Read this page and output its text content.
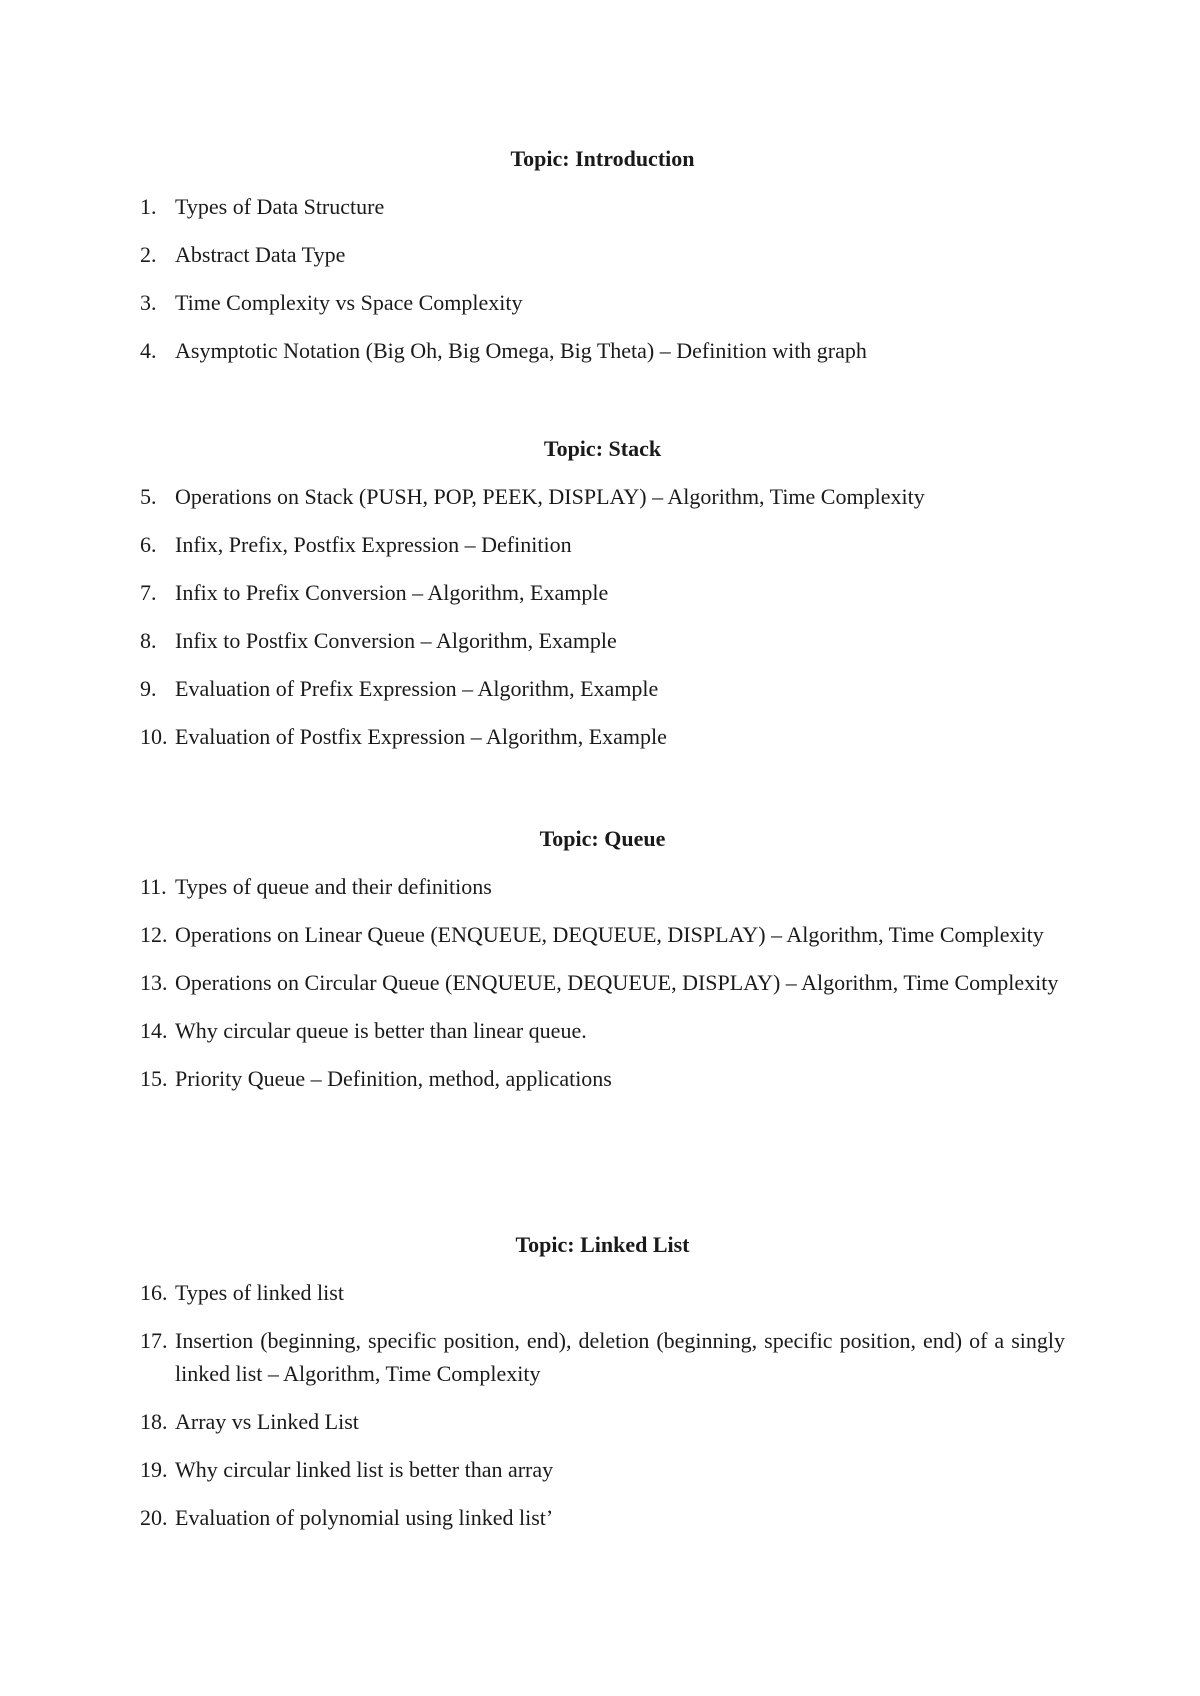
Topic: Introduction
1. Types of Data Structure
2. Abstract Data Type
3. Time Complexity vs Space Complexity
4. Asymptotic Notation (Big Oh, Big Omega, Big Theta) – Definition with graph
Topic: Stack
5. Operations on Stack (PUSH, POP, PEEK, DISPLAY) – Algorithm, Time Complexity
6. Infix, Prefix, Postfix Expression – Definition
7. Infix to Prefix Conversion – Algorithm, Example
8. Infix to Postfix Conversion – Algorithm, Example
9. Evaluation of Prefix Expression – Algorithm, Example
10. Evaluation of Postfix Expression – Algorithm, Example
Topic: Queue
11. Types of queue and their definitions
12. Operations on Linear Queue (ENQUEUE, DEQUEUE, DISPLAY) – Algorithm, Time Complexity
13. Operations on Circular Queue (ENQUEUE, DEQUEUE, DISPLAY) – Algorithm, Time Complexity
14. Why circular queue is better than linear queue.
15. Priority Queue – Definition, method, applications
Topic: Linked List
16. Types of linked list
17. Insertion (beginning, specific position, end), deletion (beginning, specific position, end) of a singly linked list – Algorithm, Time Complexity
18. Array vs Linked List
19. Why circular linked list is better than array
20. Evaluation of polynomial using linked list’
